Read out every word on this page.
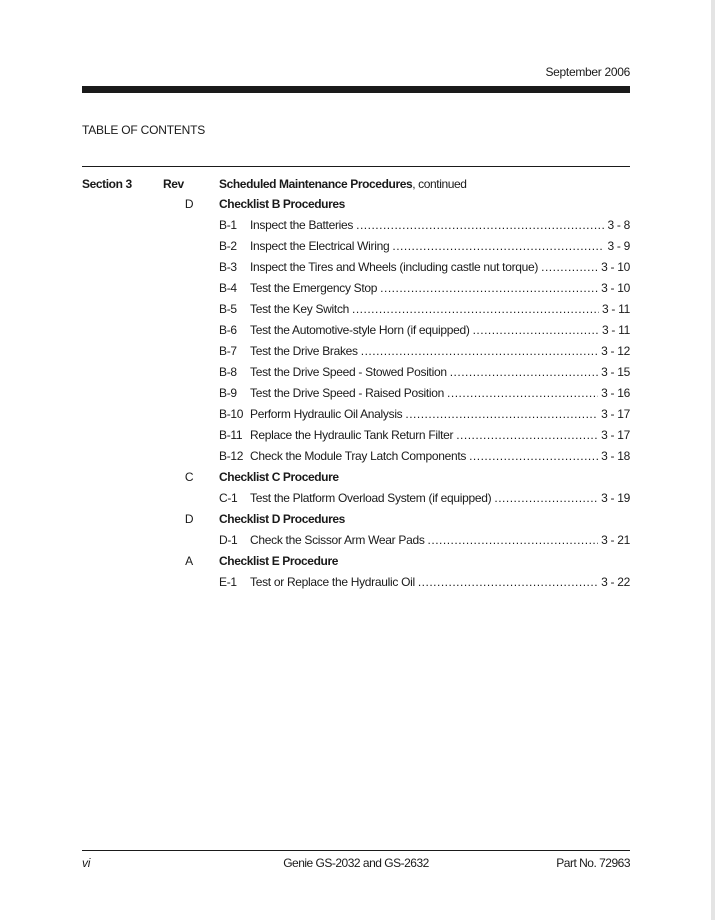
September 2006
TABLE OF CONTENTS
Section 3	Rev	Scheduled Maintenance Procedures, continued
D Checklist B Procedures
B-1 Inspect the Batteries .....	3 - 8
B-2 Inspect the Electrical Wiring .....	3 - 9
B-3 Inspect the Tires and Wheels (including castle nut torque) .....	3 - 10
B-4 Test the Emergency Stop .....	3 - 10
B-5 Test the Key Switch .....	3 - 11
B-6 Test the Automotive-style Horn (if equipped) .....	3 - 11
B-7 Test the Drive Brakes .....	3 - 12
B-8 Test the Drive Speed - Stowed Position .....	3 - 15
B-9 Test the Drive Speed - Raised Position .....	3 - 16
B-10 Perform Hydraulic Oil Analysis .....	3 - 17
B-11 Replace the Hydraulic Tank Return Filter .....	3 - 17
B-12 Check the Module Tray Latch Components .....	3 - 18
C Checklist C Procedure
C-1 Test the Platform Overload System (if equipped) .....	3 - 19
D Checklist D Procedures
D-1 Check the Scissor Arm Wear Pads .....	3 - 21
A Checklist E Procedure
E-1 Test or Replace the Hydraulic Oil .....	3 - 22
vi	Genie GS-2032 and GS-2632	Part No. 72963
